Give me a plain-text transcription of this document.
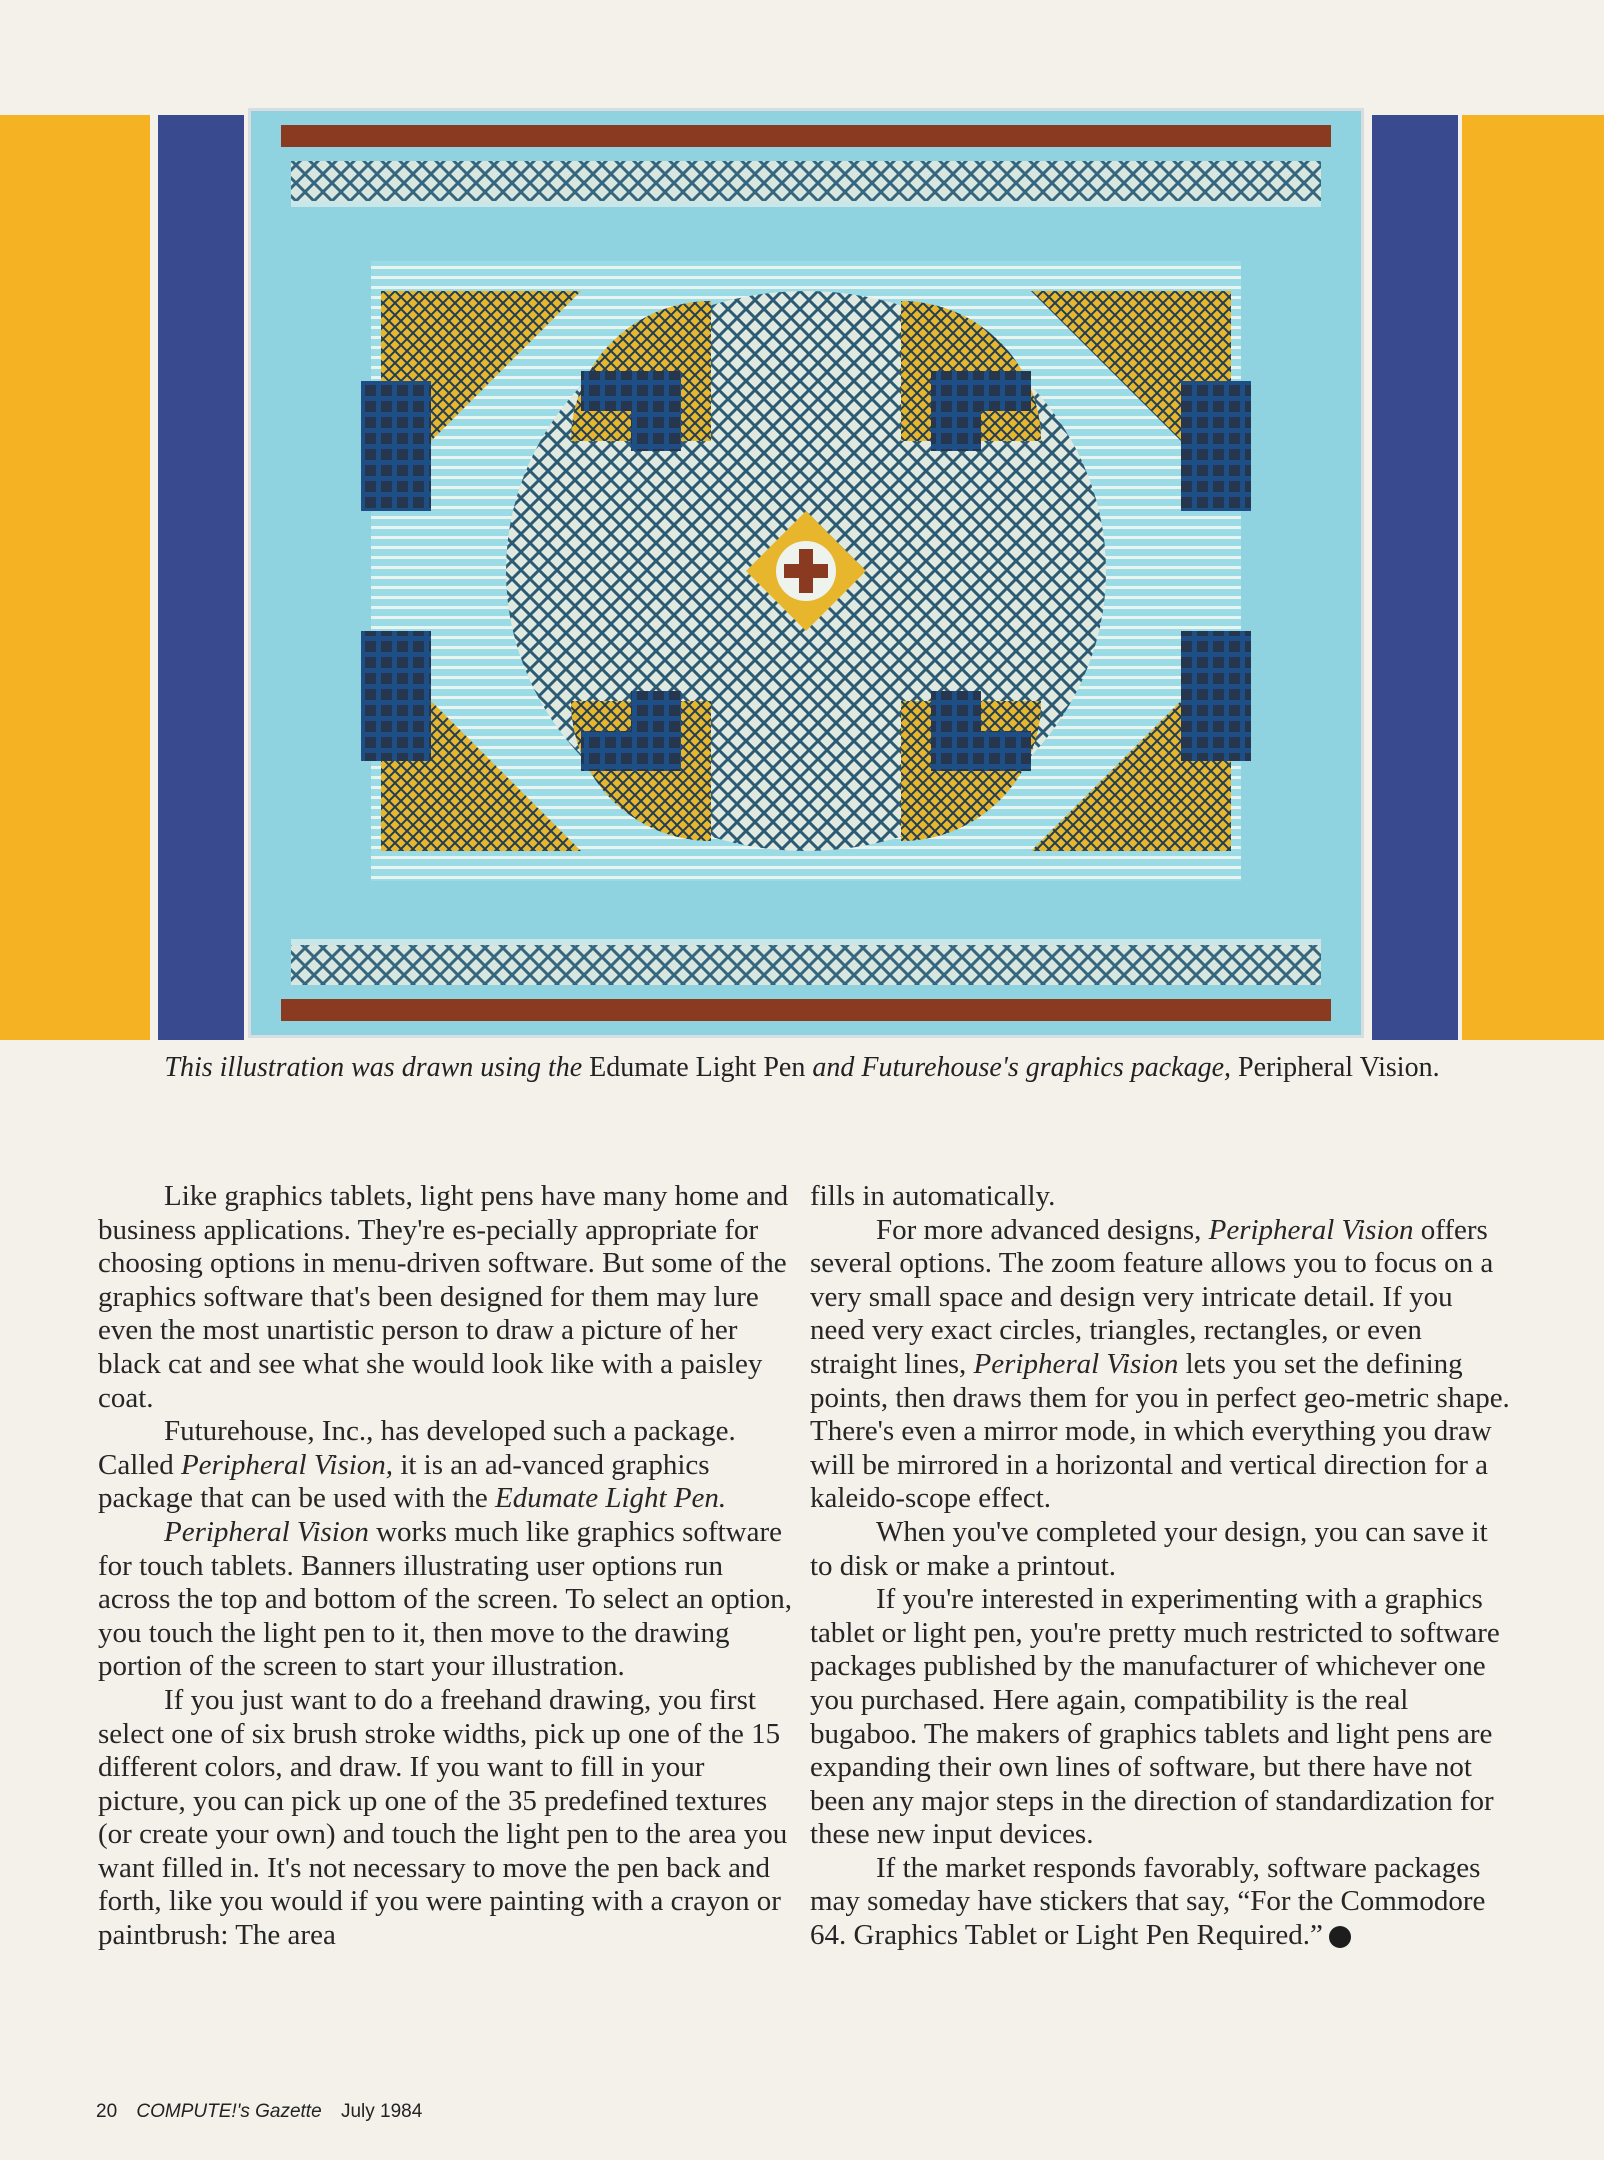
This illustration was drawn using the Edumate Light Pen and Futurehouse's graphics package, Peripheral Vision.

Like graphics tablets, light pens have many home and business applications. They're es-pecially appropriate for choosing options in menu-driven software. But some of the graphics software that's been designed for them may lure even the most unartistic person to draw a picture of her black cat and see what she would look like with a paisley coat.

Futurehouse, Inc., has developed such a package. Called Peripheral Vision, it is an ad-vanced graphics package that can be used with the Edumate Light Pen.

Peripheral Vision works much like graphics software for touch tablets. Banners illustrating user options run across the top and bottom of the screen. To select an option, you touch the light pen to it, then move to the drawing portion of the screen to start your illustration.

If you just want to do a freehand drawing, you first select one of six brush stroke widths, pick up one of the 15 different colors, and draw. If you want to fill in your picture, you can pick up one of the 35 predefined textures (or create your own) and touch the light pen to the area you want filled in. It's not necessary to move the pen back and forth, like you would if you were painting with a crayon or paintbrush: The area

fills in automatically.

For more advanced designs, Peripheral Vision offers several options. The zoom feature allows you to focus on a very small space and design very intricate detail. If you need very exact circles, triangles, rectangles, or even straight lines, Peripheral Vision lets you set the defining points, then draws them for you in perfect geo-metric shape. There's even a mirror mode, in which everything you draw will be mirrored in a horizontal and vertical direction for a kaleido-scope effect.

When you've completed your design, you can save it to disk or make a printout.

If you're interested in experimenting with a graphics tablet or light pen, you're pretty much restricted to software packages published by the manufacturer of whichever one you purchased. Here again, compatibility is the real bugaboo. The makers of graphics tablets and light pens are expanding their own lines of software, but there have not been any major steps in the direction of standardization for these new input devices.

If the market responds favorably, software packages may someday have stickers that say, “For the Commodore 64. Graphics Tablet or Light Pen Required.”	G

20 COMPUTE!'s Gazette July 1984
